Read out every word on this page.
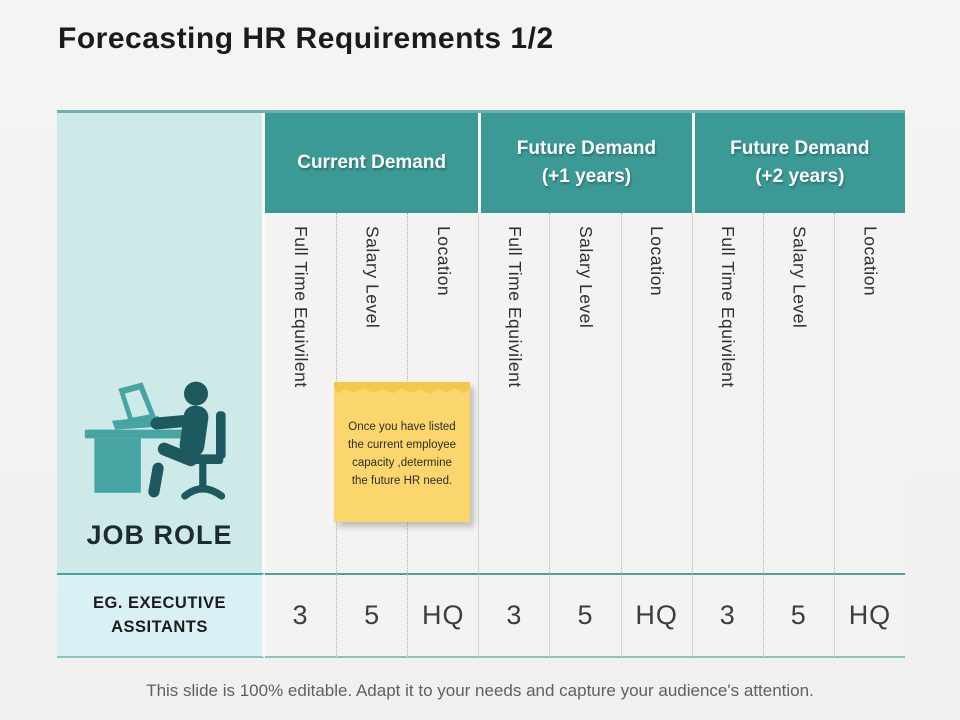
Forecasting HR Requirements 1/2
JOB ROLE
Current Demand
Future Demand (+1 years)
Future Demand (+2 years)
Full Time Equivilent	Salary Level	Location	Full Time Equivilent	Salary Level	Location	Full Time Equivilent	Salary Level	Location
EG. EXECUTIVE ASSITANTS	3	5	HQ	3	5	HQ	3	5	HQ
Once you have listed the current employee capacity ,determine the future HR need.
This slide is 100% editable. Adapt it to your needs and capture your audience's attention.
